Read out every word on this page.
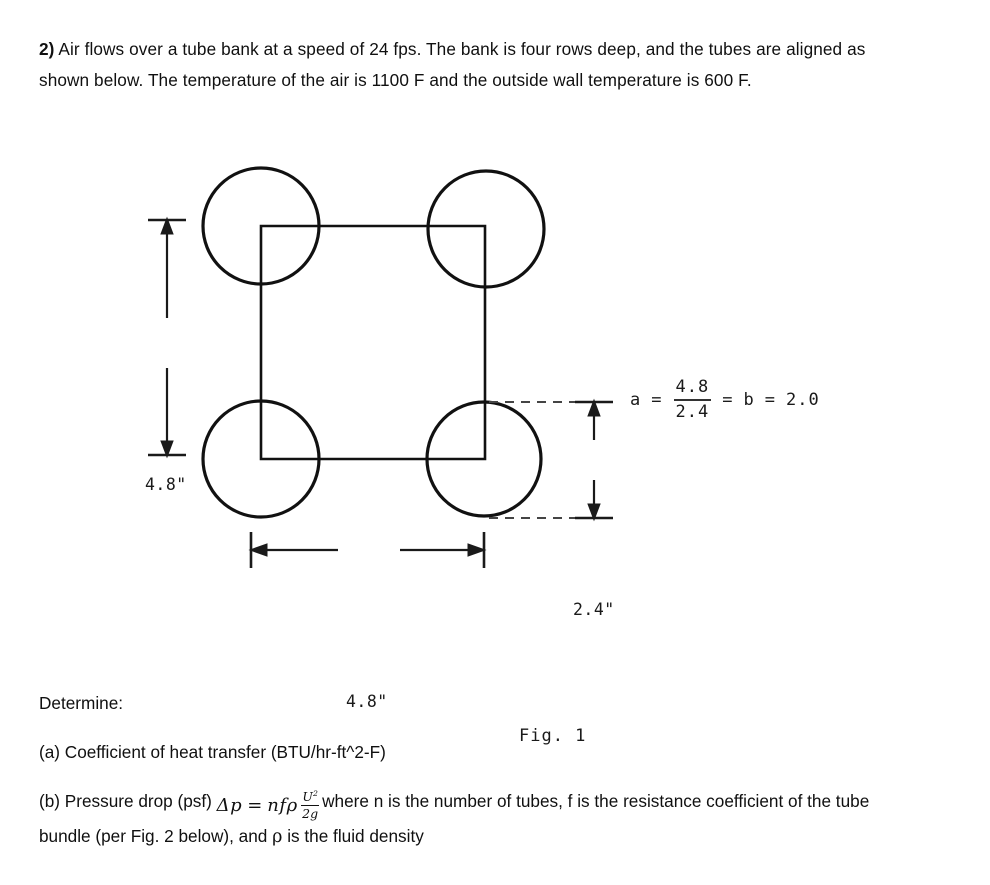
2) Air flows over a tube bank at a speed of 24 fps. The bank is four rows deep, and the tubes are aligned as shown below. The temperature of the air is 1100 F and the outside wall temperature is 600 F.
4.8"
4.8"
2.4"
$a = \frac{4.8}{2.4} = b = 2.0$
Fig. 1

Determine:

(a) Coefficient of heat transfer (BTU/hr-ft^2-F)

(b) Pressure drop (psf) Δp = n f ρ $U^2$
2g
where n is the number of tubes, f is the resistance coefficient of the tube bundle (per Fig. 2 below), and ρ is the fluid density
